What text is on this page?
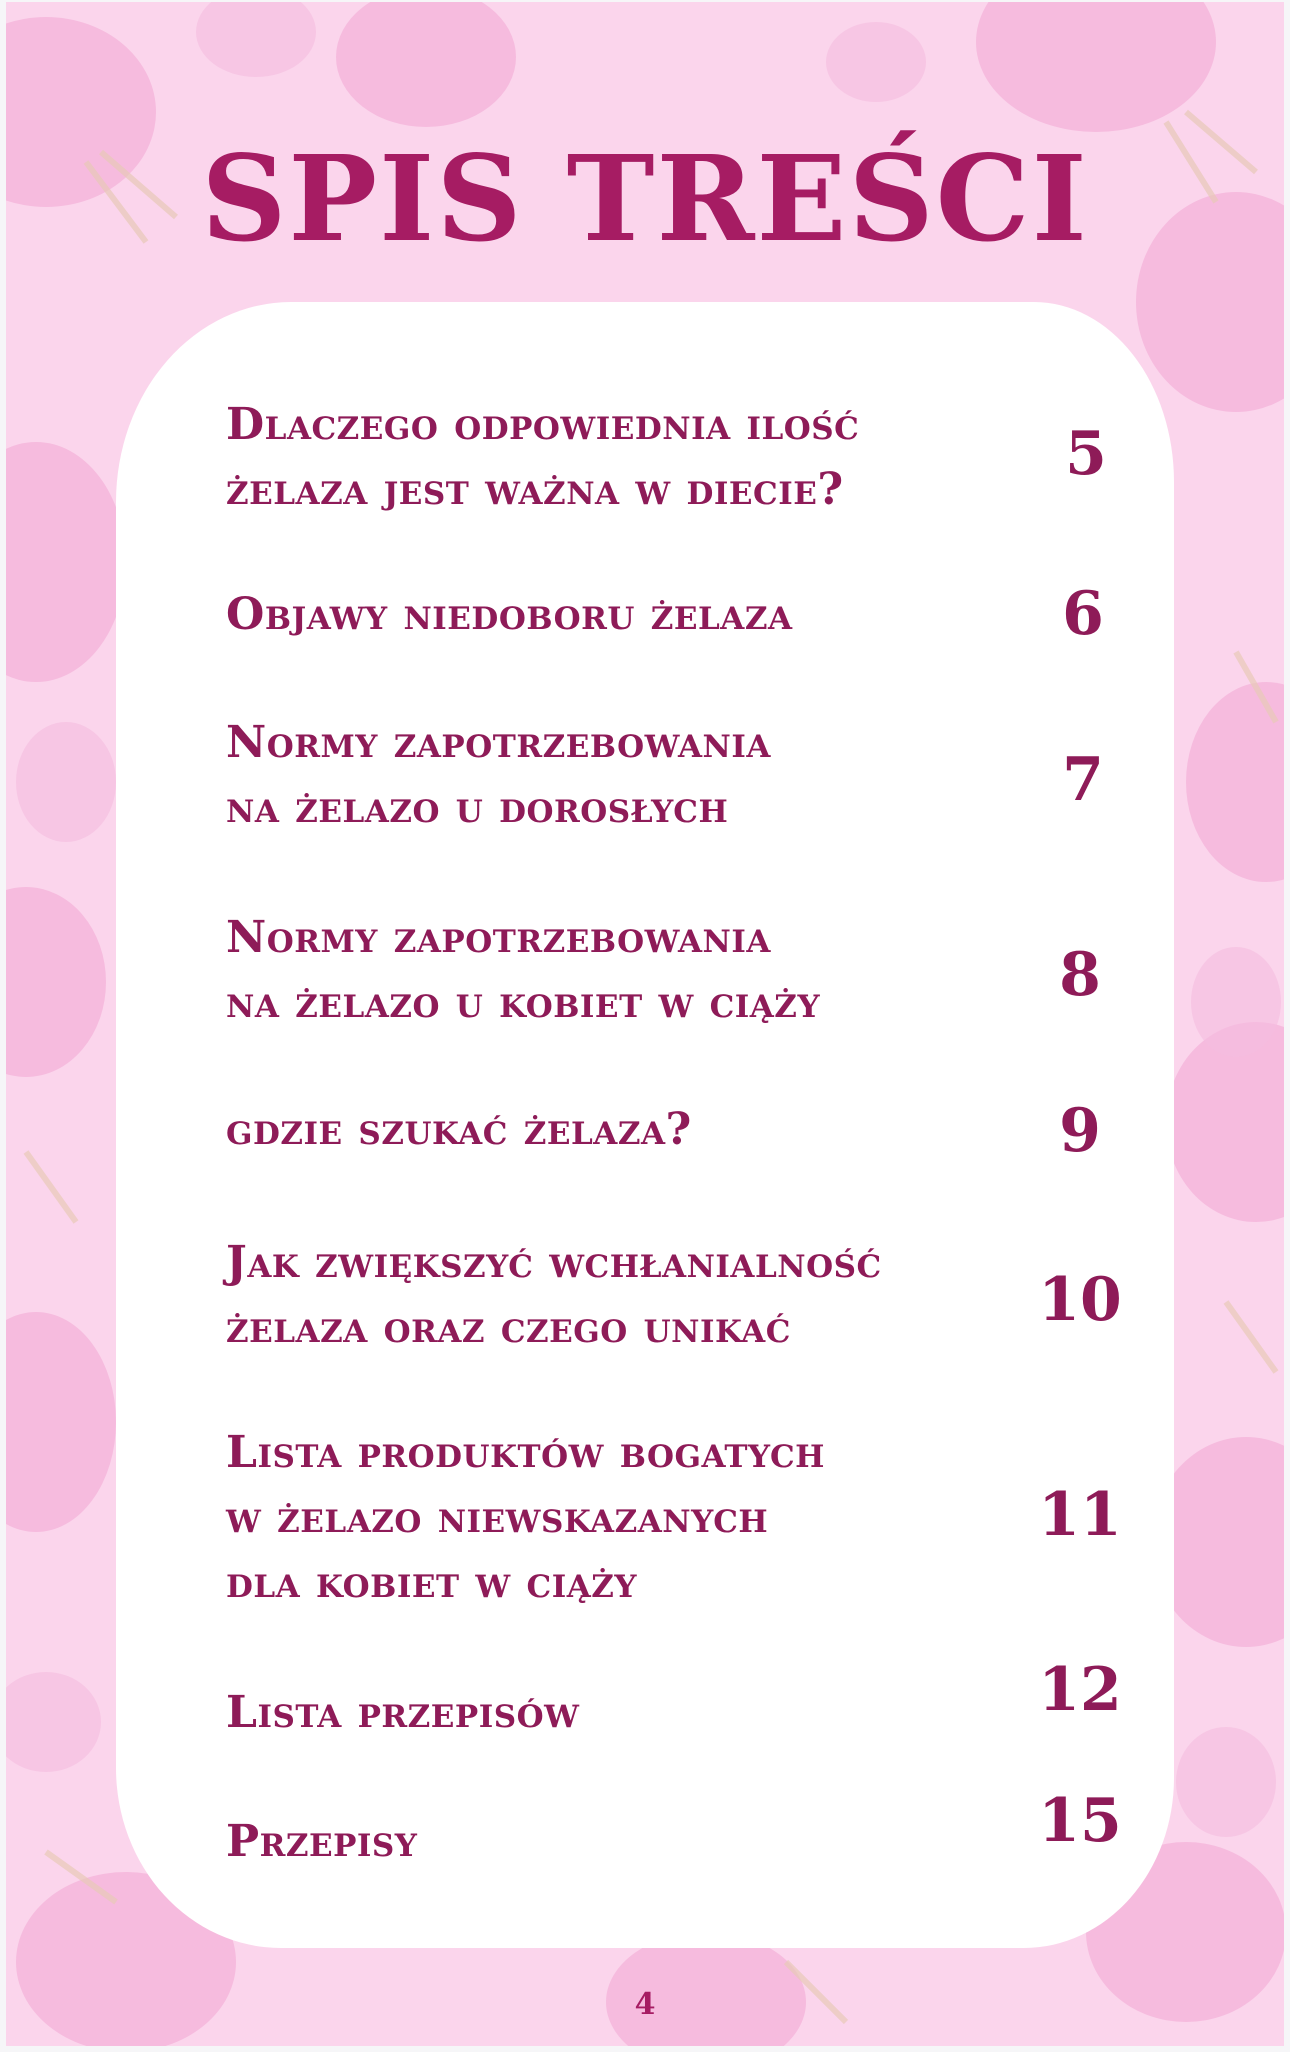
SPIS TREŚCI
Dlaczego odpowiednia ilość
żelaza jest ważna w diecie?
5
Objawy niedoboru żelaza	6
Normy zapotrzebowania
na żelazo u dorosłych	7
Normy zapotrzebowania
na żelazo u kobiet w ciąży	8
gdzie szukać żelaza?	9
Jak zwiększyć wchłanialność
żelaza oraz czego unikać	10
Lista produktów bogatych
w żelazo niewskazanych
dla kobiet w ciąży
11
Lista przepisów	12
Przepisy	15
4
